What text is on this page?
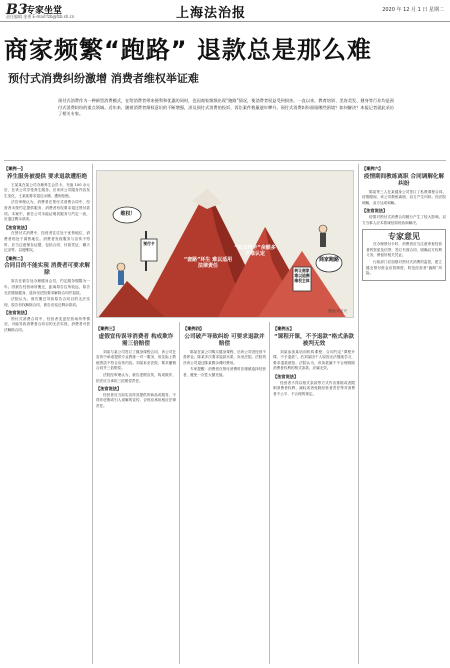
B3
专家坐堂
责任编辑 金勇 E-mail:fzb@fzb.sh.cn	上海法治报	2020 年 12 月 1 日 星期二
商家频繁“跑路” 退款总是那么难
预付式消费纠纷激增 消费者维权举证难
预付式消费作为一种新型消费模式，在给消费者带来便利和优惠的同时，也因商家频频出现“跑路”情况，使消费者权益受到损害。一直以来，教育培训、美容美发、健身等行业均是预付式消费纠纷的重点领域。近年来，随着消费者维权意识的不断增强，涉及预付式消费的投诉、诉讼案件数量逐年攀升。预付式消费纠纷面临哪些困境？如何解决？本报记者就此采访了相关专家。
维权！
预付卡
“套路”环生 难以适用法律责任
“私自转卡”余额多少难认定
转让商家 难以追溯维权主体
商家跑路
漫画/刘孟兴
【案例一】
养生服务被提供 要求退款遭拒绝

王某某在某公司办理养生会员卡，充值 100 余元后，在该公司享受养生服务。后来该公司服务内容发生变化，王某某要求退还余额，遭到拒绝。

法官审理认为，消费者在预付式消费合同中，经营者未按约定提供服务，消费者有权要求退还预付款项。本案中，被告公司未能证明其服务与约定一致，应退还剩余款项。

【法官说法】

在预付式消费中，经营者往往处于优势地位，消费者则处于弱势地位。消费者发现服务与宣传不符时，应当注意保存证据，包括合同、付款凭证、聊天记录等，以便维权。

【案例二】
合同目的不能实现 消费者可要求解除

原告在被告处办理健身会员，约定服务期限为一年。因被告经营场所搬迁，距离原告住所较远，原告无法继续健身，遂诉至法院要求解除合同并退款。

法院认为，被告搬迁导致原告合同目的无法实现，原告有权解除合同，被告应返还剩余款项。

【法官说法】

预付式消费合同中，经营者变更经营场所等情况，可能导致消费者合同目的无法实现，消费者可依法解除合同。	【案例三】
虚假宣传误导消费者 构成欺诈需三倍赔偿

刘某与某公司签订了健身课程合同，该公司在宣传中承诺提供专业教练一对一服务，但实际上教练资质不符合宣传内容。刘某诉至法院，要求撤销合同并三倍赔偿。

法院经审理认为，被告虚假宣传，构成欺诈，依法应当承担三倍赔偿责任。

【法官说法】

经营者应当如实宣传其提供的商品或服务，不得作虚假或引人误解的宣传，否则应承担相应法律责任。

【案例四】
公司破产导致纠纷 可要求退款并赔偿

陈某在某公司购买健身课程，后该公司因经营不善停业。陈某多次要求退款未果，诉至法院。法院判决该公司退还陈某剩余课时费用。

专家提醒：消费者在预付消费时应谨慎选择经营者，避免一次性大额充值。

【案例五】
“课程开课，不予退款”格式条款被判无效

刘某参加某培训机构课程，合同约定“课程开课，不予退款”。后刘某因个人原因无法继续学习，要求退款被拒。法院认为，该条款属于不合理排除消费者权利的格式条款，应属无效。

【法官说法】

经营者不得以格式条款等方式作出排除或者限制消费者权利、减轻或者免除经营者责任等对消费者不公平、不合理的规定。

【案例六】
疫情期间教练离职 合同调解化解纠纷

陈某等三人在某健身公司签订了私教课程合同。疫情期间，该公司教练离职，双方产生纠纷。经法院调解，双方达成和解。

【法官说法】

疫情对预付式消费合同履行产生了较大影响，双方当事人应本着诚信原则协商解决。

专家意见

在办理预付卡时，消费者应当注意审查经营者的资质及信誉，签订书面合同，明确双方权利义务，保留好相关凭证。

行政部门应加强对预付式消费的监管，建立健全预付资金存管制度，防范经营者“跑路”风险。
